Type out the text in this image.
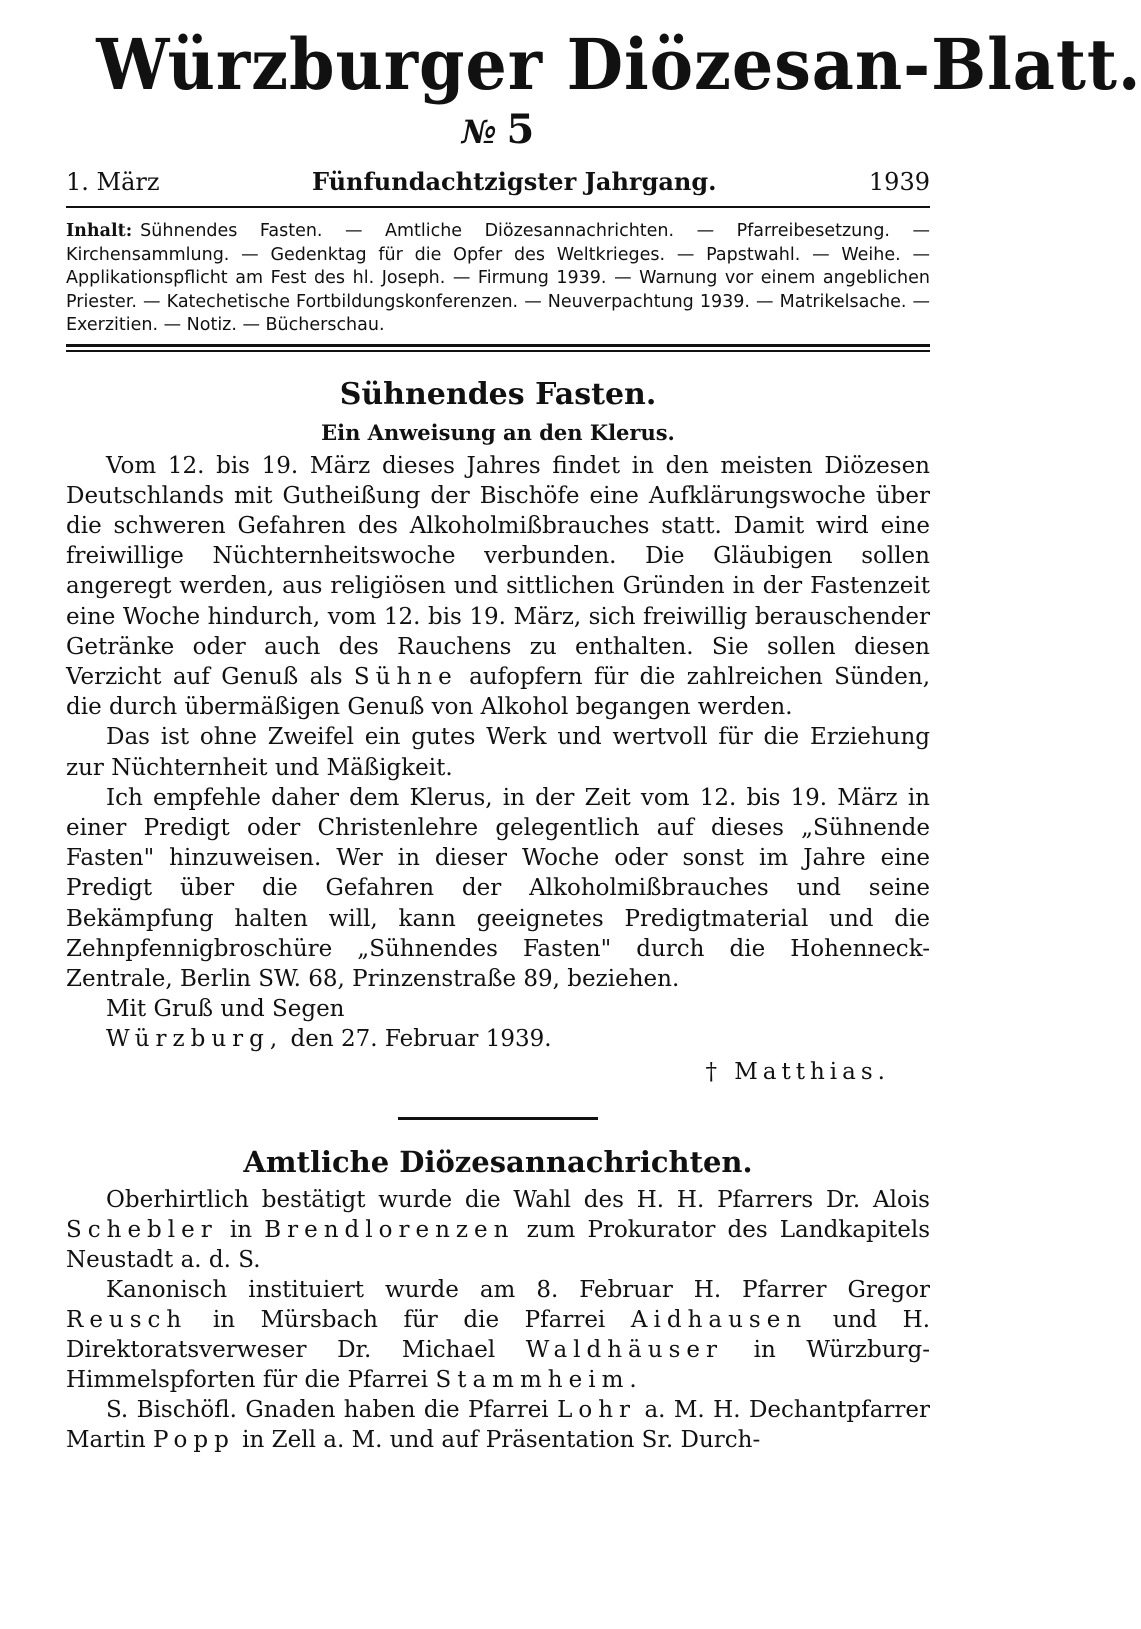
Würzburger Diözesan-Blatt.
№ 5
1. März	Fünfundachtzigster Jahrgang.	1939
Inhalt: Sühnendes Fasten. — Amtliche Diözesannachrichten. — Pfarreibesetzung. — Kirchensammlung. — Gedenktag für die Opfer des Weltkrieges. — Papstwahl. — Weihe. — Applikationspflicht am Fest des hl. Joseph. — Firmung 1939. — Warnung vor einem angeblichen Priester. — Katechetische Fortbildungskonferenzen. — Neuverpachtung 1939. — Matrikelsache. — Exerzitien. — Notiz. — Bücherschau.
Sühnendes Fasten.
Ein Anweisung an den Klerus.

Vom 12. bis 19. März dieses Jahres findet in den meisten Diözesen Deutschlands mit Gutheißung der Bischöfe eine Aufklärungswoche über die schweren Gefahren des Alkoholmißbrauches statt. Damit wird eine freiwillige Nüchternheitswoche verbunden. Die Gläubigen sollen angeregt werden, aus religiösen und sittlichen Gründen in der Fastenzeit eine Woche hindurch, vom 12. bis 19. März, sich freiwillig berauschender Getränke oder auch des Rauchens zu enthalten. Sie sollen diesen Verzicht auf Genuß als Sühne aufopfern für die zahlreichen Sünden, die durch übermäßigen Genuß von Alkohol begangen werden.

Das ist ohne Zweifel ein gutes Werk und wertvoll für die Erziehung zur Nüchternheit und Mäßigkeit.

Ich empfehle daher dem Klerus, in der Zeit vom 12. bis 19. März in einer Predigt oder Christenlehre gelegentlich auf dieses „Sühnende Fasten" hinzuweisen. Wer in dieser Woche oder sonst im Jahre eine Predigt über die Gefahren der Alkoholmißbrauches und seine Bekämpfung halten will, kann geeignetes Predigtmaterial und die Zehnpfennigbroschüre „Sühnendes Fasten" durch die Hohenneck-Zentrale, Berlin SW. 68, Prinzenstraße 89, beziehen.

Mit Gruß und Segen

Würzburg, den 27. Februar 1939.

† Matthias.
Amtliche Diözesannachrichten.

Oberhirtlich bestätigt wurde die Wahl des H. H. Pfarrers Dr. Alois Schebler in Brendlorenzen zum Prokurator des Landkapitels Neustadt a. d. S.

Kanonisch instituiert wurde am 8. Februar H. Pfarrer Gregor Reusch in Mürsbach für die Pfarrei Aidhausen und H. Direktoratsverweser Dr. Michael Waldhäuser in Würzburg-Himmelspforten für die Pfarrei Stammheim.

S. Bischöfl. Gnaden haben die Pfarrei Lohr a. M. H. Dechantpfarrer Martin Popp in Zell a. M. und auf Präsentation Sr. Durch-
